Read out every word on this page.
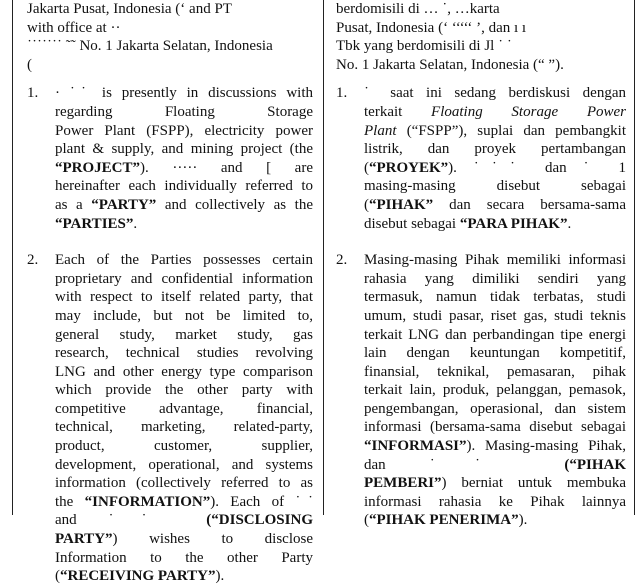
Jakarta Pusat, Indonesia (‘ and PT
with office at ··
˙˙˙˙˙˙˙ ˜˜ No. 1 Jakarta Selatan, Indonesia
(
1. · ˙˙ is presently in discussions with
regarding Floating Storage
Power Plant (FSPP), electricity power
plant & supply, and mining project (the
“PROJECT”). ····· and [ are
hereinafter each individually referred to
as a “PARTY” and collectively as the
“PARTIES”.
2. Each of the Parties possesses certain
proprietary and confidential information
with respect to itself related party, that
may include, but not be limited to,
general study, market study, gas
research, technical studies revolving
LNG and other energy type comparison
which provide the other party with
competitive advantage, financial,
technical, marketing, related-party,
product, customer, supplier,
development, operational, and systems
information (collectively referred to as
the “INFORMATION”). Each of ˙˙
and ˙˙ (“DISCLOSING
PARTY”) wishes to disclose
Information to the other Party
(“RECEIVING PARTY”).
berdomisili di … ˙, …karta
Pusat, Indonesia (‘ ‘‘‘‘‘ ’, dan ı ı
Tbk yang berdomisili di Jl ˙ ˙
No. 1 Jakarta Selatan, Indonesia (“ ”).
1. ˙ saat ini sedang berdiskusi dengan
terkait Floating Storage Power
Plant (“FSPP”), suplai dan pembangkit
listrik, dan proyek pertambangan
(“PROYEK”). ˙˙˙ dan ˙ 1
masing-masing disebut sebagai
(“PIHAK” dan secara bersama-sama
disebut sebagai “PARA PIHAK”.
2. Masing-masing Pihak memiliki informasi
rahasia yang dimiliki sendiri yang
termasuk, namun tidak terbatas, studi
umum, studi pasar, riset gas, studi teknis
terkait LNG dan perbandingan tipe energi
lain dengan keuntungan kompetitif,
finansial, teknikal, pemasaran, pihak
terkait lain, produk, pelanggan, pemasok,
pengembangan, operasional, dan sistem
informasi (bersama-sama disebut sebagai
“INFORMASI”). Masing-masing Pihak,
dan ˙˙ (“PIHAK
PEMBERI”) berniat untuk membuka
informasi rahasia ke Pihak lainnya
(“PIHAK PENERIMA”).
